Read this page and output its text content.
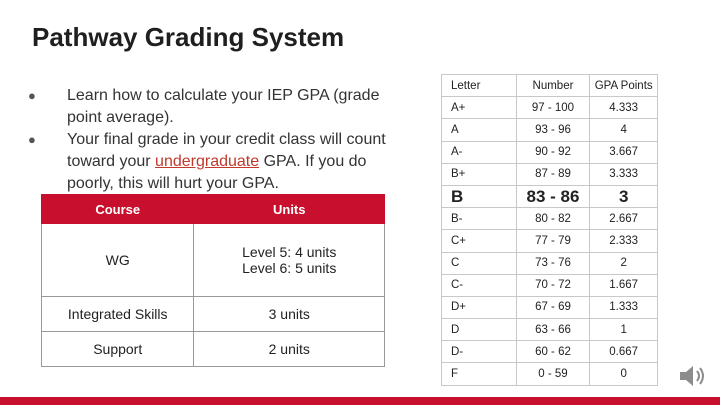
Pathway Grading System
● Learn how to calculate your IEP GPA (grade point average).
● Your final grade in your credit class will count toward your undergraduate GPA. If you do poorly, this will hurt your GPA.
Course	Units
WG	Level 5: 4 units
Level 6: 5 units

Integrated Skills	3 units
Support	2 units
Letter	Number	GPA Points
A+	97 - 100	4.333
A	93 - 96	4
A-	90 - 92	3.667
B+	87 - 89	3.333
B	83 - 86	3
B-	80 - 82	2.667
C+	77 - 79	2.333
C	73 - 76	2
C-	70 - 72	1.667
D+	67 - 69	1.333
D	63 - 66	1
D-	60 - 62	0.667
F	0 - 59	0
